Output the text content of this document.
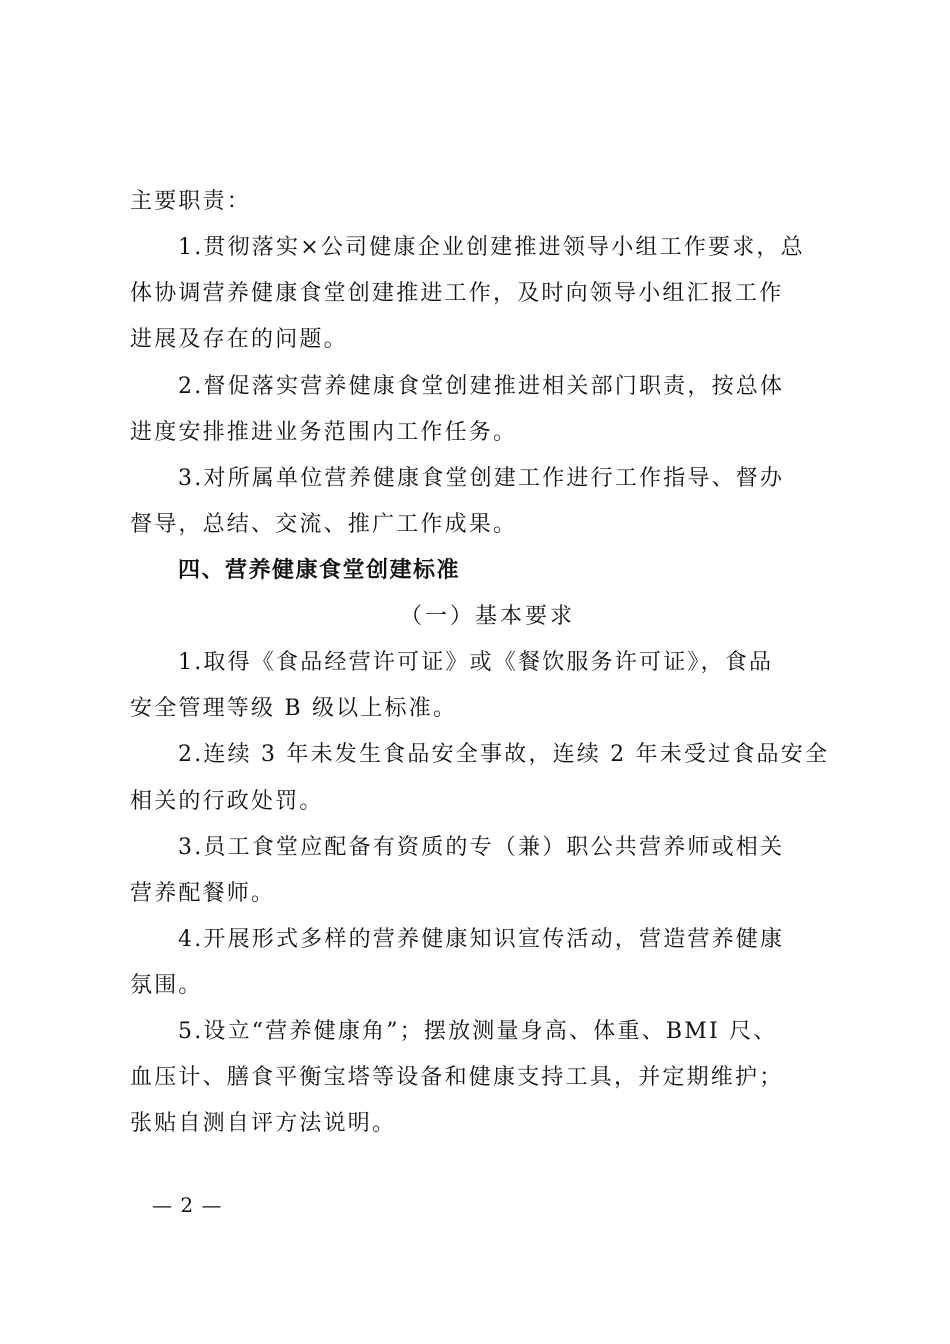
主要职责：
1.贯彻落实×公司健康企业创建推进领导小组工作要求，总
体协调营养健康食堂创建推进工作，及时向领导小组汇报工作
进展及存在的问题。
2.督促落实营养健康食堂创建推进相关部门职责，按总体
进度安排推进业务范围内工作任务。
3.对所属单位营养健康食堂创建工作进行工作指导、督办
督导，总结、交流、推广工作成果。
四、营养健康食堂创建标准
（一）基本要求
1.取得《食品经营许可证》或《餐饮服务许可证》，食品
安全管理等级 B 级以上标准。
2.连续 3 年未发生食品安全事故，连续 2 年未受过食品安全
相关的行政处罚。
3.员工食堂应配备有资质的专（兼）职公共营养师或相关
营养配餐师。
4.开展形式多样的营养健康知识宣传活动，营造营养健康
氛围。
5.设立“营养健康角”；摆放测量身高、体重、BMI 尺、
血压计、膳食平衡宝塔等设备和健康支持工具，并定期维护；
张贴自测自评方法说明。
— 2 —
